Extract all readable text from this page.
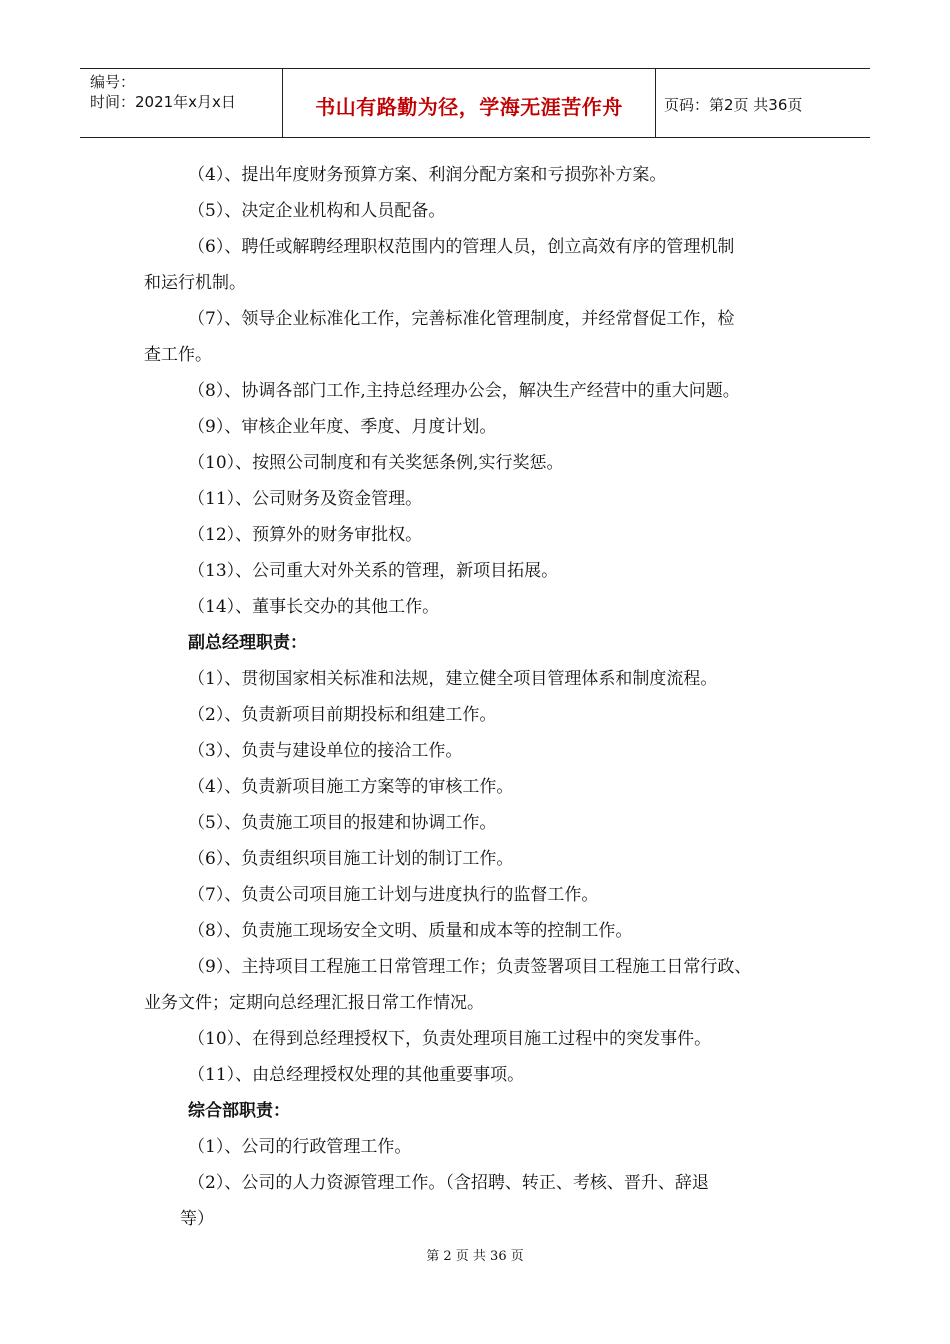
编号：
时间：2021年x月x日	书山有路勤为径，学海无涯苦作舟	页码：第2页 共36页
（4）、提出年度财务预算方案、利润分配方案和亏损弥补方案。
（5）、决定企业机构和人员配备。
（6）、聘任或解聘经理职权范围内的管理人员，创立高效有序的管理机制
和运行机制。
（7）、领导企业标准化工作，完善标准化管理制度，并经常督促工作，检
查工作。
（8）、协调各部门工作,主持总经理办公会，解决生产经营中的重大问题。
（9）、审核企业年度、季度、月度计划。
（10）、按照公司制度和有关奖惩条例,实行奖惩。
（11）、公司财务及资金管理。
（12）、预算外的财务审批权。
（13）、公司重大对外关系的管理，新项目拓展。
（14）、董事长交办的其他工作。
副总经理职责：
（1）、贯彻国家相关标准和法规，建立健全项目管理体系和制度流程。
（2）、负责新项目前期投标和组建工作。
（3）、负责与建设单位的接洽工作。
（4）、负责新项目施工方案等的审核工作。
（5）、负责施工项目的报建和协调工作。
（6）、负责组织项目施工计划的制订工作。
（7）、负责公司项目施工计划与进度执行的监督工作。
（8）、负责施工现场安全文明、质量和成本等的控制工作。
（9）、主持项目工程施工日常管理工作；负责签署项目工程施工日常行政、
业务文件；定期向总经理汇报日常工作情况。
（10）、在得到总经理授权下，负责处理项目施工过程中的突发事件。
（11）、由总经理授权处理的其他重要事项。
综合部职责：
（1）、公司的行政管理工作。
（2）、公司的人力资源管理工作。（含招聘、转正、考核、晋升、辞退
等）
第 2 页 共 36 页
